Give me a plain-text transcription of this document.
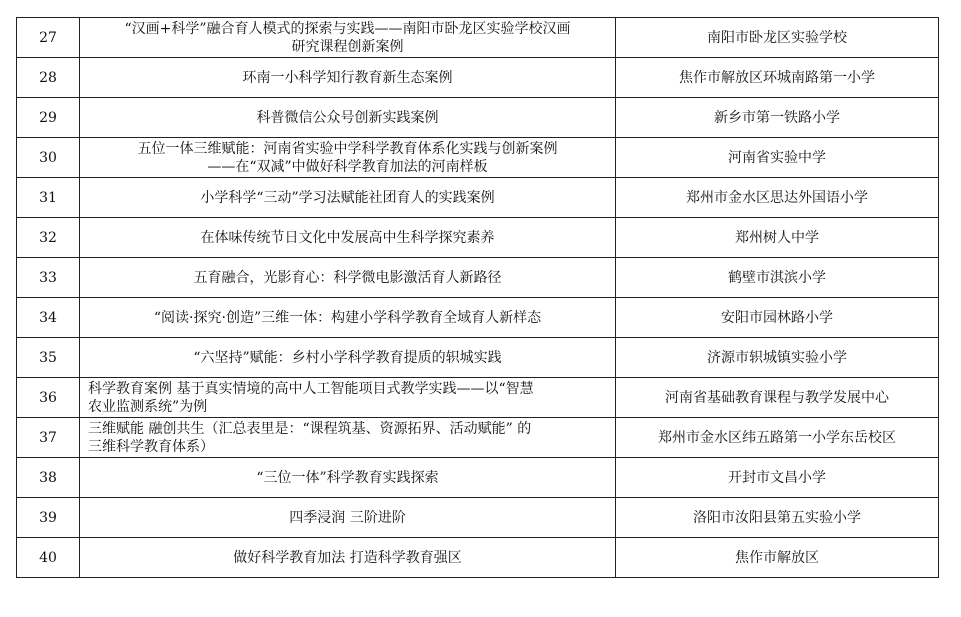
27	“汉画+科学”融合育人模式的探索与实践——南阳市卧龙区实验学校汉画
研究课程创新案例	南阳市卧龙区实验学校
28	环南一小科学知行教育新生态案例	焦作市解放区环城南路第一小学
29	科普微信公众号创新实践案例	新乡市第一铁路小学
30	五位一体三维赋能：河南省实验中学科学教育体系化实践与创新案例
——在“双减”中做好科学教育加法的河南样板	河南省实验中学
31	小学科学“三动”学习法赋能社团育人的实践案例	郑州市金水区思达外国语小学
32	在体味传统节日文化中发展高中生科学探究素养	郑州树人中学
33	五育融合，光影育心：科学微电影激活育人新路径	鹤壁市淇滨小学
34	“阅读·探究·创造”三维一体：构建小学科学教育全域育人新样态	安阳市园林路小学
35	“六坚持”赋能：乡村小学科学教育提质的轵城实践	济源市轵城镇实验小学
36	科学教育案例 基于真实情境的高中人工智能项目式教学实践——以“智慧
农业监测系统”为例	河南省基础教育课程与教学发展中心
37	三维赋能 融创共生（汇总表里是：“课程筑基、资源拓界、活动赋能” 的
三维科学教育体系）	郑州市金水区纬五路第一小学东岳校区
38	“三位一体”科学教育实践探索	开封市文昌小学
39	四季浸润 三阶进阶	洛阳市汝阳县第五实验小学
40	做好科学教育加法 打造科学教育强区	焦作市解放区
